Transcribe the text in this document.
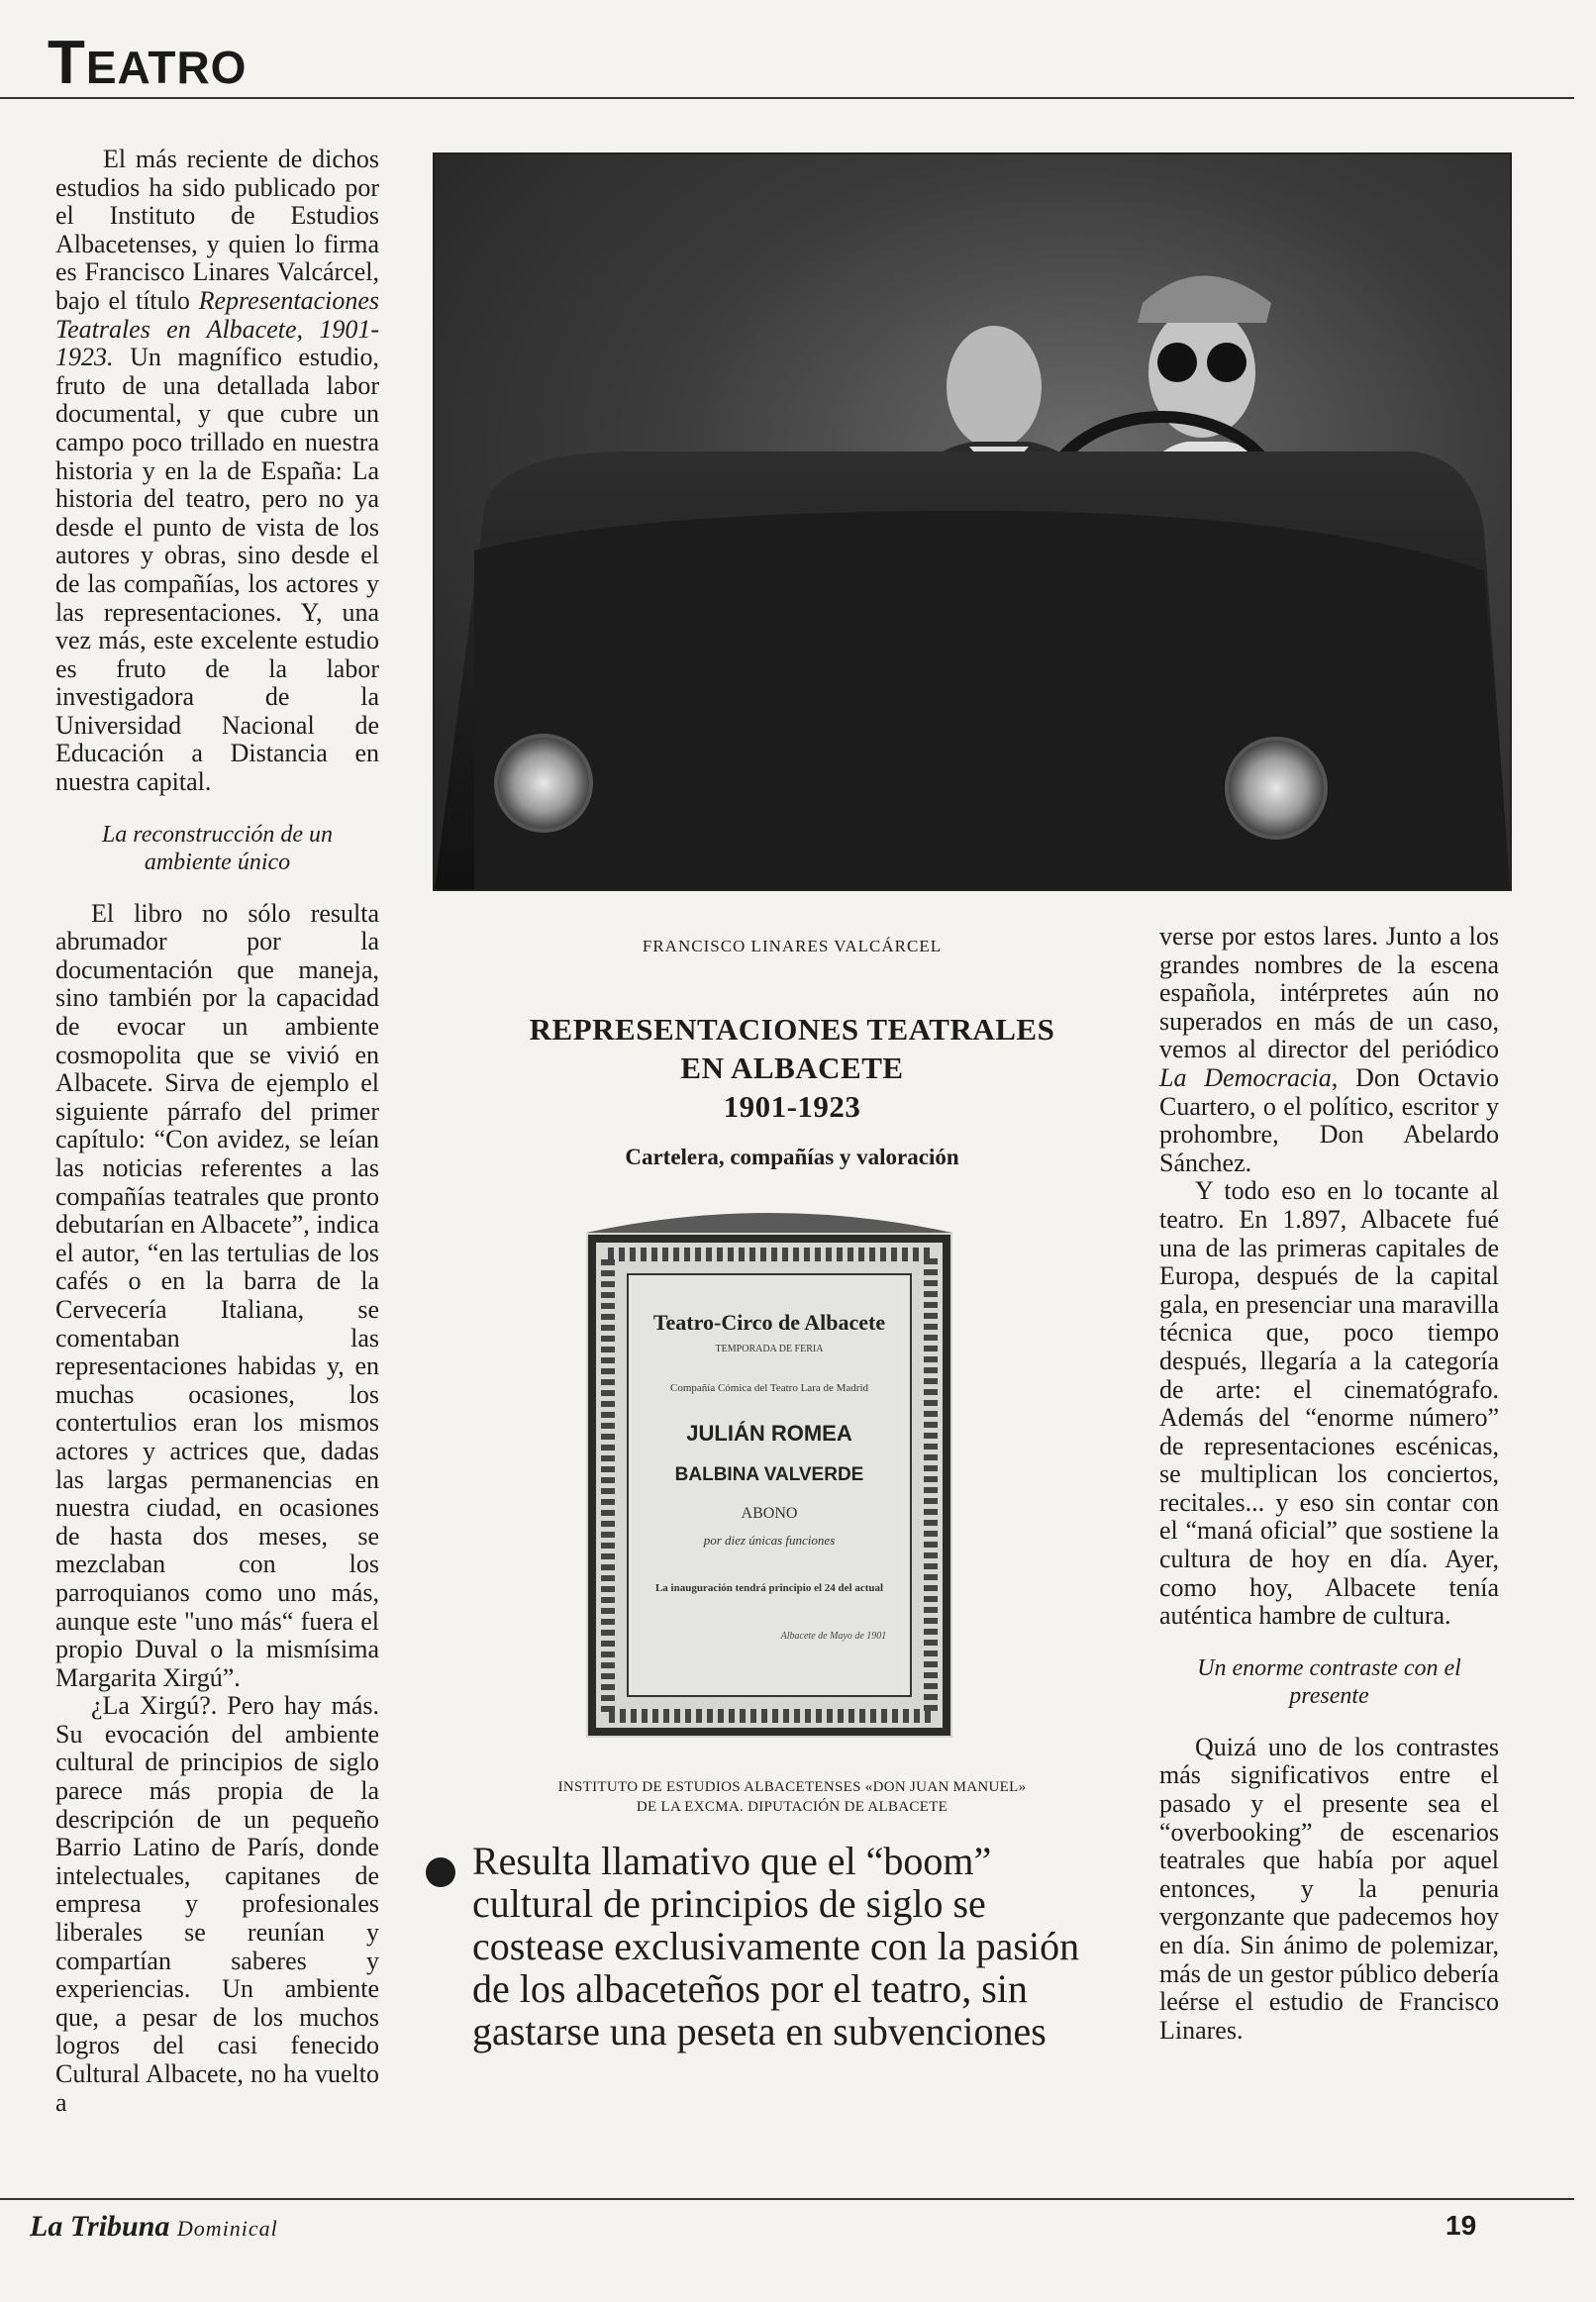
TEATRO

El más reciente de dichos estudios ha sido publicado por el Instituto de Estudios Albacetenses, y quien lo firma es Francisco Linares Valcárcel, bajo el título Representaciones Teatrales en Albacete, 1901-1923. Un magnífico estudio, fruto de una detallada labor documental, y que cubre un campo poco trillado en nuestra historia y en la de España: La historia del teatro, pero no ya desde el punto de vista de los autores y obras, sino desde el de las compañías, los actores y las representaciones. Y, una vez más, este excelente estudio es fruto de la labor investigadora de la Universidad Nacional de Educación a Distancia en nuestra capital.

La reconstrucción de un ambiente único

El libro no sólo resulta abrumador por la documentación que maneja, sino también por la capacidad de evocar un ambiente cosmopolita que se vivió en Albacete. Sirva de ejemplo el siguiente párrafo del primer capítulo: “Con avidez, se leían las noticias referentes a las compañías teatrales que pronto debutarían en Albacete”, indica el autor, “en las tertulias de los cafés o en la barra de la Cervecería Italiana, se comentaban las representaciones habidas y, en muchas ocasiones, los contertulios eran los mismos actores y actrices que, dadas las largas permanencias en nuestra ciudad, en ocasiones de hasta dos meses, se mezclaban con los parroquianos como uno más, aunque este "uno más“ fuera el propio Duval o la mismísima Margarita Xirgú”.

¿La Xirgú?. Pero hay más. Su evocación del ambiente cultural de principios de siglo parece más propia de la descripción de un pequeño Barrio Latino de París, donde intelectuales, capitanes de empresa y profesionales liberales se reunían y compartían saberes y experiencias. Un ambiente que, a pesar de los muchos logros del casi fenecido Cultural Albacete, no ha vuelto a

FRANCISCO LINARES VALCÁRCEL
REPRESENTACIONES TEATRALES
EN ALBACETE
1901-1923
Cartelera, compañías y valoración
Teatro-Circo de Albacete
TEMPORADA DE FERIA
Compañía Cómica del Teatro Lara de Madrid
JULIÁN ROMEA
BALBINA VALVERDE
ABONO
por diez únicas funciones
La inauguración tendrá principio el 24 del actual
Albacete de Mayo de 1901
INSTITUTO DE ESTUDIOS ALBACETENSES «DON JUAN MANUEL»
DE LA EXCMA. DIPUTACIÓN DE ALBACETE
Resulta llamativo que el “boom” cultural de principios de siglo se costease exclusivamente con la pasión de los albaceteños por el teatro, sin gastarse una peseta en subvenciones

verse por estos lares. Junto a los grandes nombres de la escena española, intérpretes aún no superados en más de un caso, vemos al director del periódico La Democracia, Don Octavio Cuartero, o el político, escritor y prohombre, Don Abelardo Sánchez.

Y todo eso en lo tocante al teatro. En 1.897, Albacete fué una de las primeras capitales de Europa, después de la capital gala, en presenciar una maravilla técnica que, poco tiempo después, llegaría a la categoría de arte: el cinematógrafo. Además del “enorme número” de representaciones escénicas, se multiplican los conciertos, recitales... y eso sin contar con el “maná oficial” que sostiene la cultura de hoy en día. Ayer, como hoy, Albacete tenía auténtica hambre de cultura.

Un enorme contraste con el presente

Quizá uno de los contrastes más significativos entre el pasado y el presente sea el “overbooking” de escenarios teatrales que había por aquel entonces, y la penuria vergonzante que padecemos hoy en día. Sin ánimo de polemizar, más de un gestor público debería leérse el estudio de Francisco Linares.

La Tribuna Dominical	19
